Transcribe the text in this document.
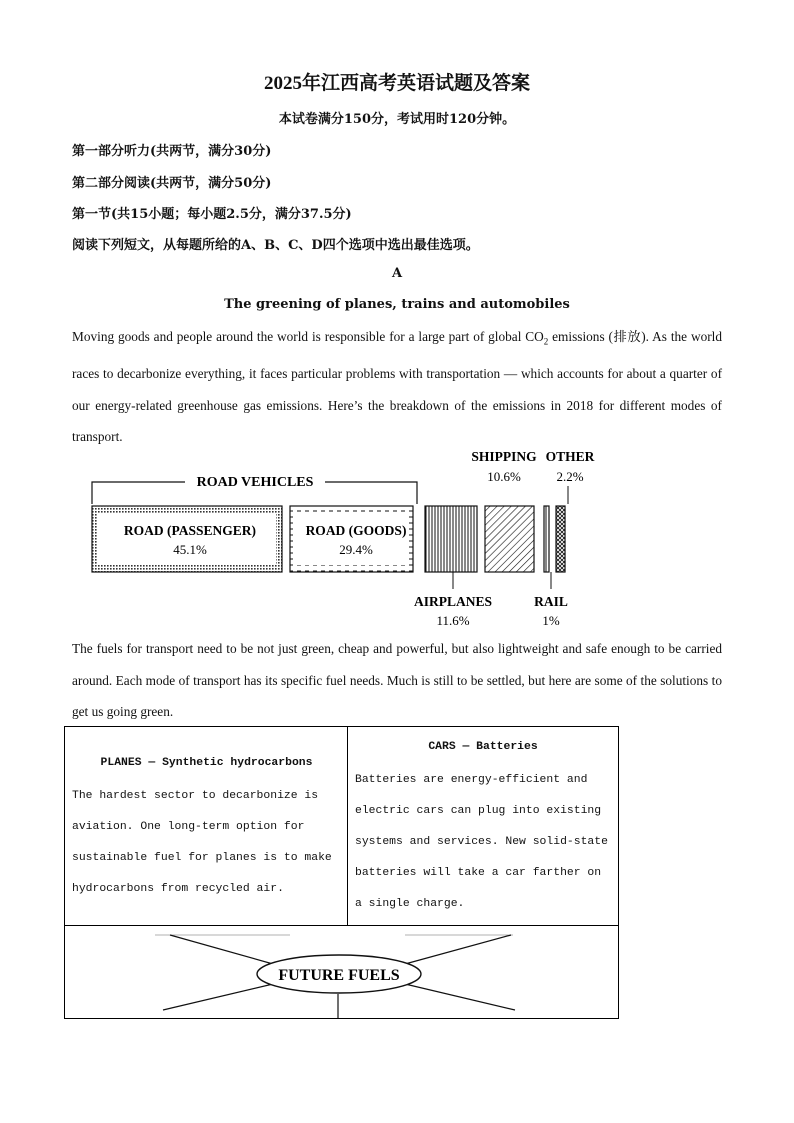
2025年江西高考英语试题及答案
本试卷满分150分，考试用时120分钟。
第一部分听力(共两节，满分30分)
第二部分阅读(共两节，满分50分)
第一节(共15小题；每小题2.5分，满分37.5分)
阅读下列短文，从每题所给的A、B、C、D四个选项中选出最佳选项。
A
The greening of planes, trains and automobiles
Moving goods and people around the world is responsible for a large part of global $CO_2$ emissions (排放). As the world races to decarbonize everything, it faces particular problems with transportation — which accounts for about a quarter of our energy-related greenhouse gas emissions. Here’s the breakdown of the emissions in 2018 for different modes of transport.
ROAD VEHICLES
ROAD (PASSENGER)
45.1%
ROAD (GOODS)
29.4%
AIRPLANES
11.6%
SHIPPING
10.6%
RAIL
1%
OTHER
2.2%
The fuels for transport need to be not just green, cheap and powerful, but also lightweight and safe enough to be carried around. Each mode of transport has its specific fuel needs. Much is still to be settled, but here are some of the solutions to get us going green.
PLANES — Synthetic hydrocarbons
The hardest sector to decarbonize is aviation. One long-term option for sustainable fuel for planes is to make hydrocarbons from recycled air.
CARS — Batteries
Batteries are energy-efficient and electric cars can plug into existing systems and services. New solid-state batteries will take a car farther on a single charge.
FUTURE FUELS
